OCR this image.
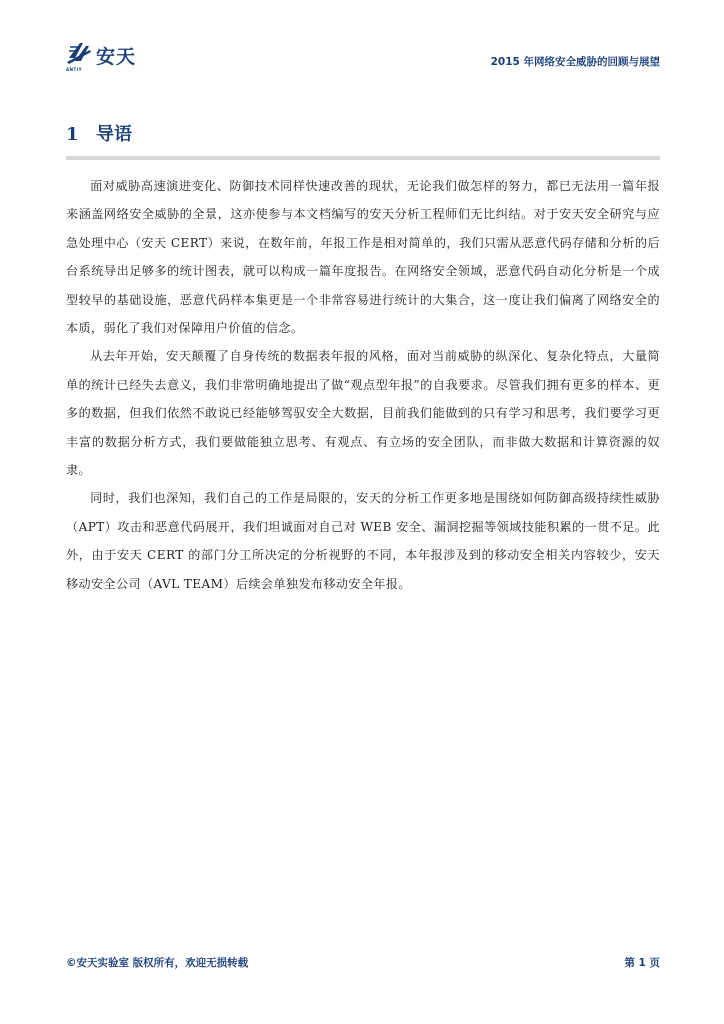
ANTIY
安天	2015 年网络安全威胁的回顾与展望
1 导语

面对威胁高速演进变化、防御技术同样快速改善的现状，无论我们做怎样的努力，都已无法用一篇年报来涵盖网络安全威胁的全景，这亦使参与本文档编写的安天分析工程师们无比纠结。对于安天安全研究与应急处理中心（安天 CERT）来说，在数年前，年报工作是相对简单的，我们只需从恶意代码存储和分析的后台系统导出足够多的统计图表，就可以构成一篇年度报告。在网络安全领域，恶意代码自动化分析是一个成型较早的基础设施，恶意代码样本集更是一个非常容易进行统计的大集合，这一度让我们偏离了网络安全的本质，弱化了我们对保障用户价值的信念。

从去年开始，安天颠覆了自身传统的数据表年报的风格，面对当前威胁的纵深化、复杂化特点，大量简单的统计已经失去意义，我们非常明确地提出了做“观点型年报”的自我要求。尽管我们拥有更多的样本、更多的数据，但我们依然不敢说已经能够驾驭安全大数据，目前我们能做到的只有学习和思考，我们要学习更丰富的数据分析方式，我们要做能独立思考、有观点、有立场的安全团队，而非做大数据和计算资源的奴隶。

同时，我们也深知，我们自己的工作是局限的，安天的分析工作更多地是围绕如何防御高级持续性威胁（APT）攻击和恶意代码展开，我们坦诚面对自己对 WEB 安全、漏洞挖掘等领域技能积累的一贯不足。此外，由于安天 CERT 的部门分工所决定的分析视野的不同，本年报涉及到的移动安全相关内容较少，安天移动安全公司（AVL TEAM）后续会单独发布移动安全年报。

©安天实验室 版权所有，欢迎无损转载	第 1 页
